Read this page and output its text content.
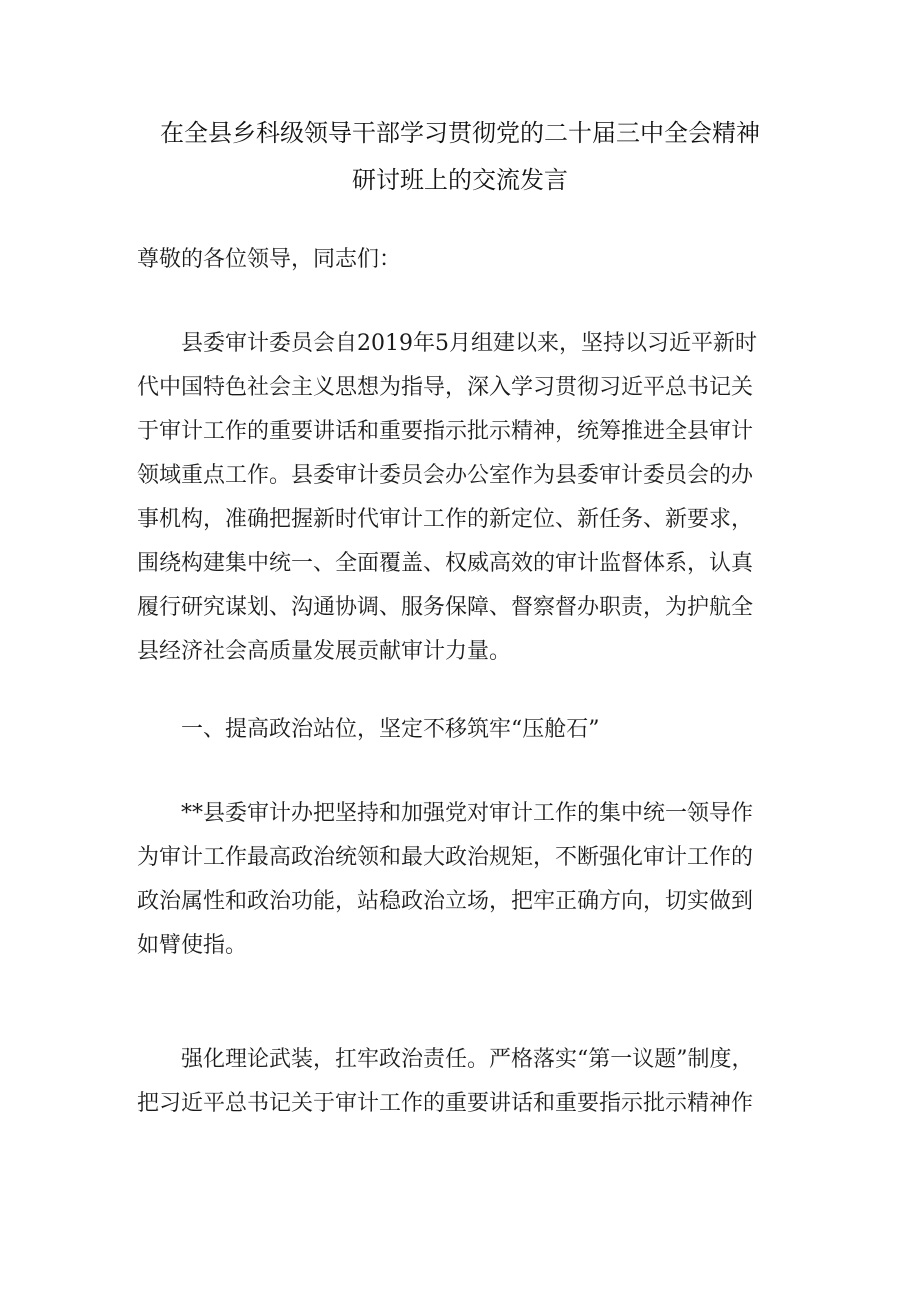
在全县乡科级领导干部学习贯彻党的二十届三中全会精神
研讨班上的交流发言

尊敬的各位领导，同志们：

　　县委审计委员会自2019年5月组建以来，坚持以习近平新时
代中国特色社会主义思想为指导，深入学习贯彻习近平总书记关
于审计工作的重要讲话和重要指示批示精神，统筹推进全县审计
领域重点工作。县委审计委员会办公室作为县委审计委员会的办
事机构，准确把握新时代审计工作的新定位、新任务、新要求，
围绕构建集中统一、全面覆盖、权威高效的审计监督体系，认真
履行研究谋划、沟通协调、服务保障、督察督办职责，为护航全
县经济社会高质量发展贡献审计力量。

　　一、提高政治站位，坚定不移筑牢“压舱石”

　　**县委审计办把坚持和加强党对审计工作的集中统一领导作
为审计工作最高政治统领和最大政治规矩，不断强化审计工作的
政治属性和政治功能，站稳政治立场，把牢正确方向，切实做到
如臂使指。

　　强化理论武装，扛牢政治责任。严格落实“第一议题”制度，
把习近平总书记关于审计工作的重要讲话和重要指示批示精神作
